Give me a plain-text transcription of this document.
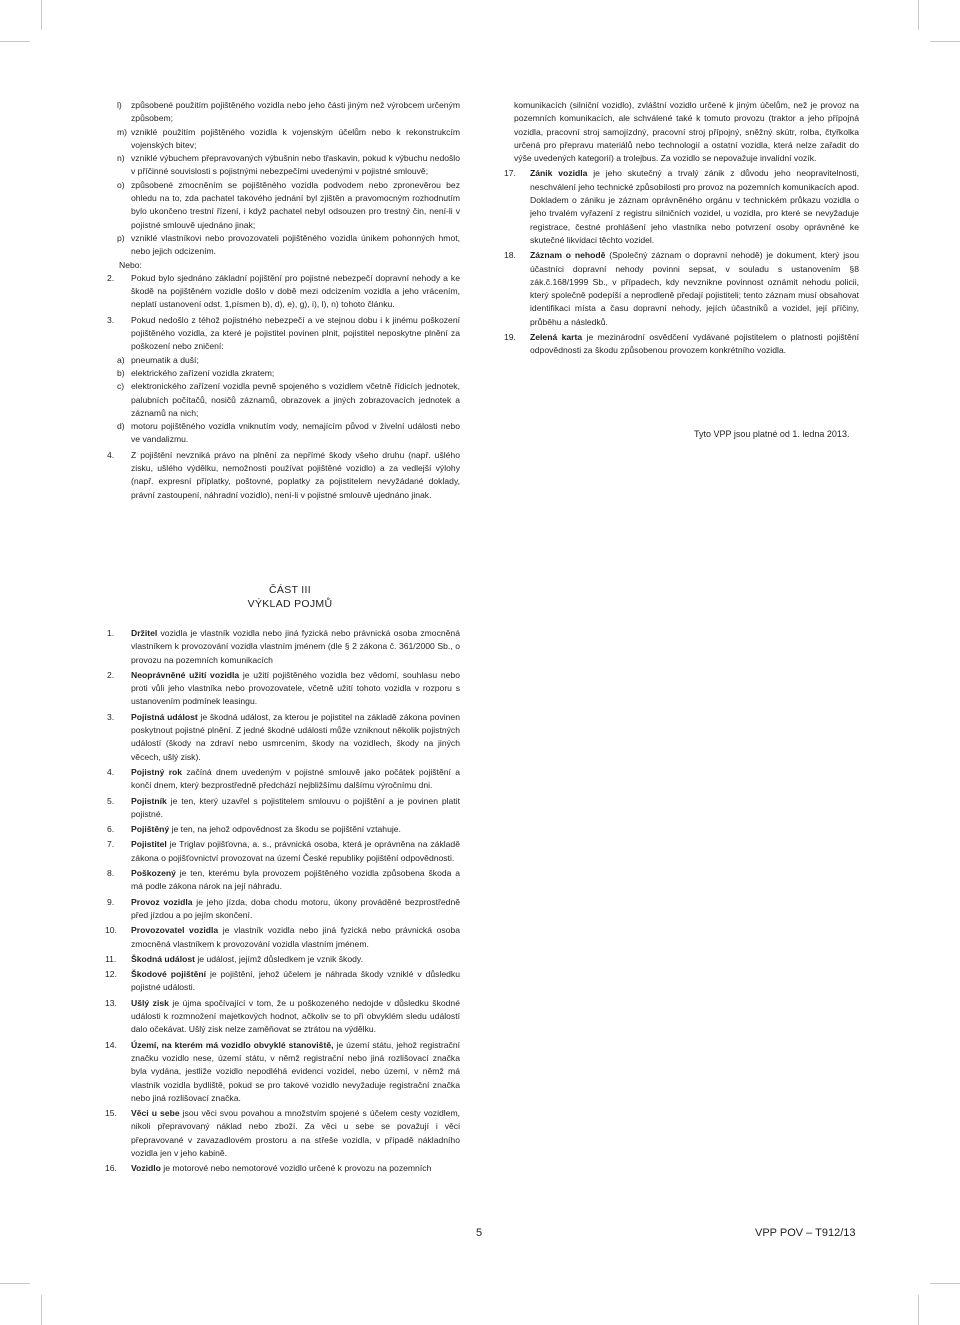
l) způsobené použitím pojištěného vozidla nebo jeho části jiným než výrobcem určeným způsobem;
m) vzniklé použitím pojištěného vozidla k vojenským účelům nebo k rekonstrukcím vojenských bitev;
n) vzniklé výbuchem přepravovaných výbušnin nebo třaskavin, pokud k výbuchu nedošlo v příčinné souvislosti s pojistnými nebezpečími uvedenými v pojistné smlouvě;
o) způsobené zmocněním se pojištěného vozidla podvodem nebo zpronevěrou bez ohledu na to, zda pachatel takového jednání byl zjištěn a pravomocným rozhodnutím bylo ukončeno trestní řízení, i když pachatel nebyl odsouzen pro trestný čin, není-li v pojistné smlouvě ujednáno jinak;
p) vzniklé vlastníkovi nebo provozovateli pojištěného vozidla únikem pohonných hmot, nebo jejich odcizením.
Nebo:
2. Pokud bylo sjednáno základní pojištění pro pojistné nebezpečí dopravní nehody a ke škodě na pojištěném vozidle došlo v době mezi odcizením vozidla a jeho vrácením, neplatí ustanovení odst. 1,písmen b), d), e), g), i), l), n) tohoto článku.
3. Pokud nedošlo z téhož pojistného nebezpečí a ve stejnou dobu i k jinému poškození pojištěného vozidla, za které je pojistitel povinen plnit, pojistitel neposkytne plnění za poškození nebo zničení:
a) pneumatik a duší;
b) elektrického zařízení vozidla zkratem;
c) elektronického zařízení vozidla pevně spojeného s vozidlem včetně řídicích jednotek, palubních počítačů, nosičů záznamů, obrazovek a jiných zobrazovacích jednotek a záznamů na nich;
d) motoru pojištěného vozidla vniknutím vody, nemajícím původ v živelní události nebo ve vandalizmu.
4. Z pojištění nevzniká právo na plnění za nepřímé škody všeho druhu (např. ušlého zisku, ušlého výdělku, nemožnosti používat pojištěné vozidlo) a za vedlejší výlohy (např. expresní příplatky, poštovné, poplatky za pojistitelem nevyžádané doklady, právní zastoupení, náhradní vozidlo), není-li v pojistné smlouvě ujednáno jinak.
komunikacích (silniční vozidlo), zvláštní vozidlo určené k jiným účelům, než je provoz na pozemních komunikacích, ale schválené také k tomuto provozu (traktor a jeho přípojná vozidla, pracovní stroj samojízdný, pracovní stroj přípojný, sněžný skútr, rolba, čtyřkolka určená pro přepravu materiálů nebo technologií a ostatní vozidla, která nelze zařadit do výše uvedených kategorií) a trolejbus. Za vozidlo se nepovažuje invalidní vozík.
17.	Zánik vozidla je jeho skutečný a trvalý zánik z důvodu jeho neopravitelnosti, neschválení jeho technické způsobilosti pro provoz na pozemních komunikacích apod. Dokladem o zániku je záznam oprávněného orgánu v technickém průkazu vozidla o jeho trvalém vyřazení z registru silničních vozidel, u vozidla, pro které se nevyžaduje registrace, čestné prohlášení jeho vlastníka nebo potvrzení osoby oprávněné ke skutečné likvidaci těchto vozidel.
18.	Záznam o nehodě (Společný záznam o dopravní nehodě) je dokument, který jsou účastníci dopravní nehody povinni sepsat, v souladu s ustanovením §8 zák.č.168/1999 Sb., v případech, kdy nevznikne povinnost oznámit nehodu policii, který společně podepíší a neprodleně předají pojistiteli; tento záznam musí obsahovat identifikaci místa a času dopravní nehody, jejích účastníků a vozidel, její příčiny, průběhu a následků.
19.	Zelená karta je mezinárodní osvědčení vydávané pojistitelem o platnosti pojištění odpovědnosti za škodu způsobenou provozem konkrétního vozidla.
Tyto VPP jsou platné od 1. ledna 2013.
ČÁST III
VÝKLAD POJMŮ
1. Držitel vozidla je vlastník vozidla nebo jiná fyzická nebo právnická osoba zmocněná vlastníkem k provozování vozidla vlastním jménem (dle § 2 zákona č. 361/2000 Sb., o provozu na pozemních komunikacích
2. Neoprávněné užití vozidla je užití pojištěného vozidla bez vědomí, souhlasu nebo proti vůli jeho vlastníka nebo provozovatele, včetně užití tohoto vozidla v rozporu s ustanovením podmínek leasingu.
3. Pojistná událost je škodná událost, za kterou je pojistitel na základě zákona povinen poskytnout pojistné plnění. Z jedné škodné události může vzniknout několik pojistných událostí (škody na zdraví nebo usmrcením, škody na vozidlech, škody na jiných věcech, ušlý zisk).
4. Pojistný rok začíná dnem uvedeným v pojistné smlouvě jako počátek pojištění a končí dnem, který bezprostředně předchází nejbližšímu dalšímu výročnímu dni.
5. Pojistník je ten, který uzavřel s pojistitelem smlouvu o pojištění a je povinen platit pojistné.
6. Pojištěný je ten, na jehož odpovědnost za škodu se pojištění vztahuje.
7. Pojistitel je Triglav pojišťovna, a. s., právnická osoba, která je oprávněna na základě zákona o pojišťovnictví provozovat na území České republiky pojištění odpovědnosti.
8. Poškozený je ten, kterému byla provozem pojištěného vozidla způsobena škoda a má podle zákona nárok na její náhradu.
9. Provoz vozidla je jeho jízda, doba chodu motoru, úkony prováděné bezprostředně před jízdou a po jejím skončení.
10.	Provozovatel vozidla je vlastník vozidla nebo jiná fyzická nebo právnická osoba zmocněná vlastníkem k provozování vozidla vlastním jménem.
11.	Škodná událost je událost, jejímž důsledkem je vznik škody.
12.	Škodové pojištění je pojištění, jehož účelem je náhrada škody vzniklé v důsledku pojistné události.
13.	Ušlý zisk je újma spočívající v tom, že u poškozeného nedojde v důsledku škodné události k rozmnožení majetkových hodnot, ačkoliv se to při obvyklém sledu událostí dalo očekávat. Ušlý zisk nelze zaměňovat se ztrátou na výdělku.
14.	Území, na kterém má vozidlo obvyklé stanoviště, je území státu, jehož registrační značku vozidlo nese, území státu, v němž registrační nebo jiná rozlišovací značka byla vydána, jestliže vozidlo nepodléhá evidenci vozidel, nebo území, v němž má vlastník vozidla bydliště, pokud se pro takové vozidlo nevyžaduje registrační značka nebo jiná rozlišovací značka.
15.	Věci u sebe jsou věci svou povahou a množstvím spojené s účelem cesty vozidlem, nikoli přepravovaný náklad nebo zboží. Za věci u sebe se považují i věci přepravované v zavazadlovém prostoru a na střeše vozidla, v případě nákladního vozidla jen v jeho kabině.
16.	Vozidlo je motorové nebo nemotorové vozidlo určené k provozu na pozemních
5	VPP POV – T912/13
